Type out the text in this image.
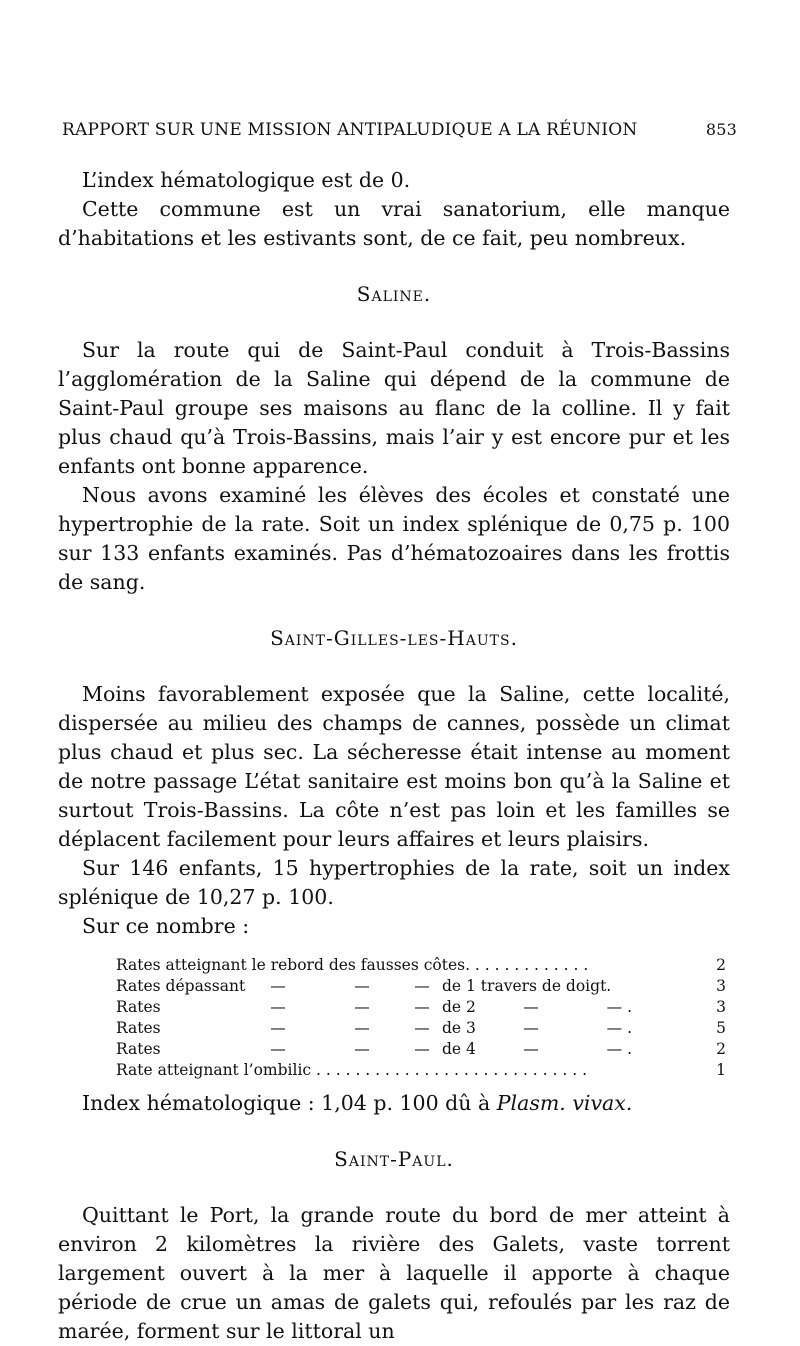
RAPPORT SUR UNE MISSION ANTIPALUDIQUE A LA RÉUNION	853

L’index hématologique est de 0.

Cette commune est un vrai sanatorium, elle manque d’habitations et les estivants sont, de ce fait, peu nombreux.

Saline.

Sur la route qui de Saint-Paul conduit à Trois-Bassins l’agglomération de la Saline qui dépend de la commune de Saint-Paul groupe ses maisons au flanc de la colline. Il y fait plus chaud qu’à Trois-Bassins, mais l’air y est encore pur et les enfants ont bonne apparence.

Nous avons examiné les élèves des écoles et constaté une hypertrophie de la rate. Soit un index splénique de 0,75 p. 100 sur 133 enfants examinés. Pas d’hématozoaires dans les frottis de sang.

Saint-Gilles-les-Hauts.

Moins favorablement exposée que la Saline, cette localité, dispersée au milieu des champs de cannes, possède un climat plus chaud et plus sec. La sécheresse était intense au moment de notre passage L’état sanitaire est moins bon qu’à la Saline et surtout Trois-Bassins. La côte n’est pas loin et les familles se déplacent facilement pour leurs affaires et leurs plaisirs.

Sur 146 enfants, 15 hypertrophies de la rate, soit un index splénique de 10,27 p. 100.

Sur ce nombre :

Rates atteignant le rebord des fausses côtes. . . . . . . . . . . . .	2
Rates dépassant —	—	— de 1 travers de doigt.	3
Rates	—	—	— de 2	—	— .	3
Rates	—	—	— de 3	—	— .	5
Rates	—	—	— de 4	—	— .	2
Rate atteignant l’ombilic . . . . . . . . . . . . . . . . . . . . . . . . . . . .	1

Index hématologique : 1,04 p. 100 dû à Plasm. vivax.

Saint-Paul.

Quittant le Port, la grande route du bord de mer atteint à environ 2 kilomètres la rivière des Galets, vaste torrent largement ouvert à la mer à laquelle il apporte à chaque période de crue un amas de galets qui, refoulés par les raz de marée, forment sur le littoral un
